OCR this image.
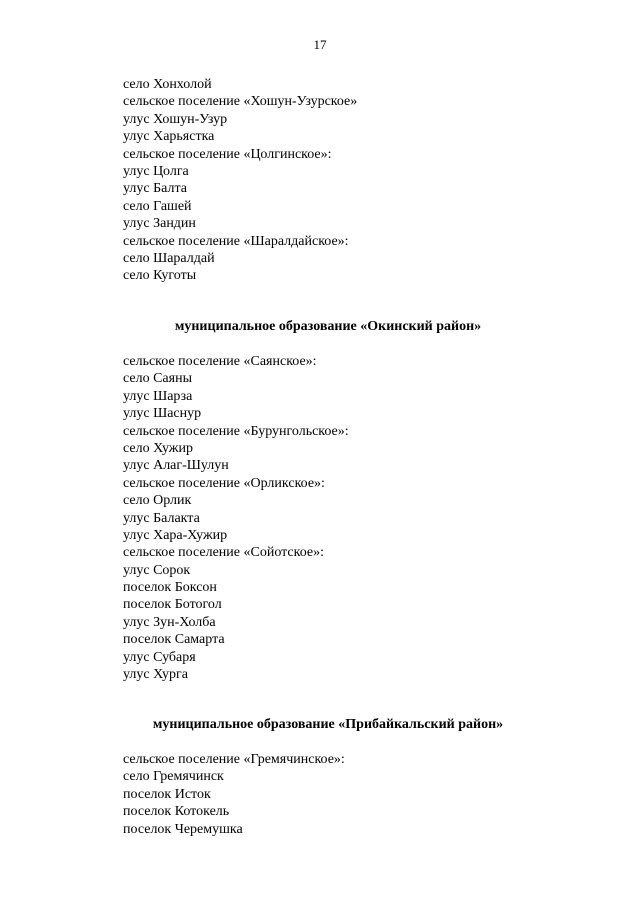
17
село Хонхолой
сельское поселение «Хошун-Узурское»
улус Хошун-Узур
улус Харьястка
сельское поселение «Цолгинское»:
улус Цолга
улус Балта
село Гашей
улус Зандин
сельское поселение «Шаралдайское»:
село Шаралдай
село Куготы
муниципальное образование «Окинский район»
сельское поселение «Саянское»:
село Саяны
улус Шарза
улус Шаснур
сельское поселение «Бурунгольское»:
село Хужир
улус Алаг-Шулун
сельское поселение «Орликское»:
село Орлик
улус Балакта
улус Хара-Хужир
сельское поселение «Сойотское»:
улус Сорок
поселок Боксон
поселок Ботогол
улус Зун-Холба
поселок Самарта
улус Субаря
улус Хурга
муниципальное образование «Прибайкальский район»
сельское поселение «Гремячинское»:
село Гремячинск
поселок Исток
поселок Котокель
поселок Черемушка
